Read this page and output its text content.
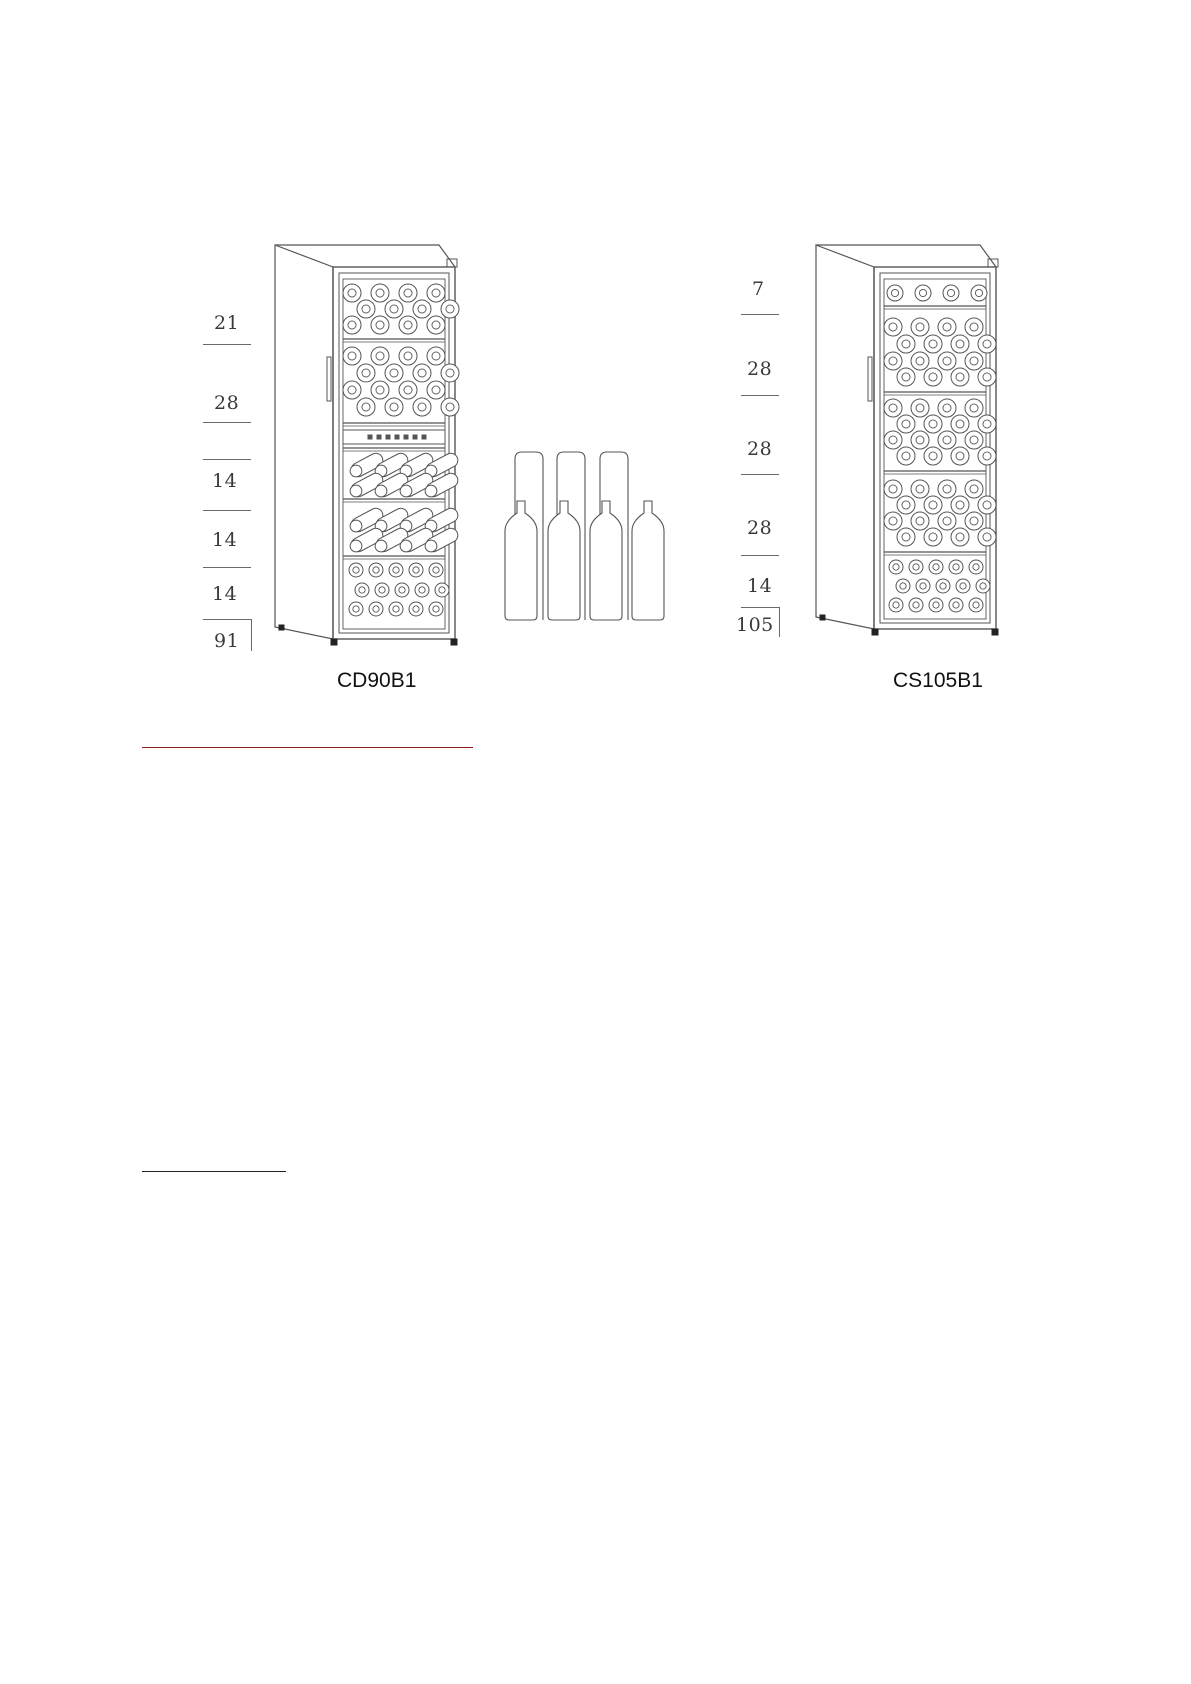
21
28
14
14
14
91
CD90B1
7
28
28
28
14
105
CS105B1
